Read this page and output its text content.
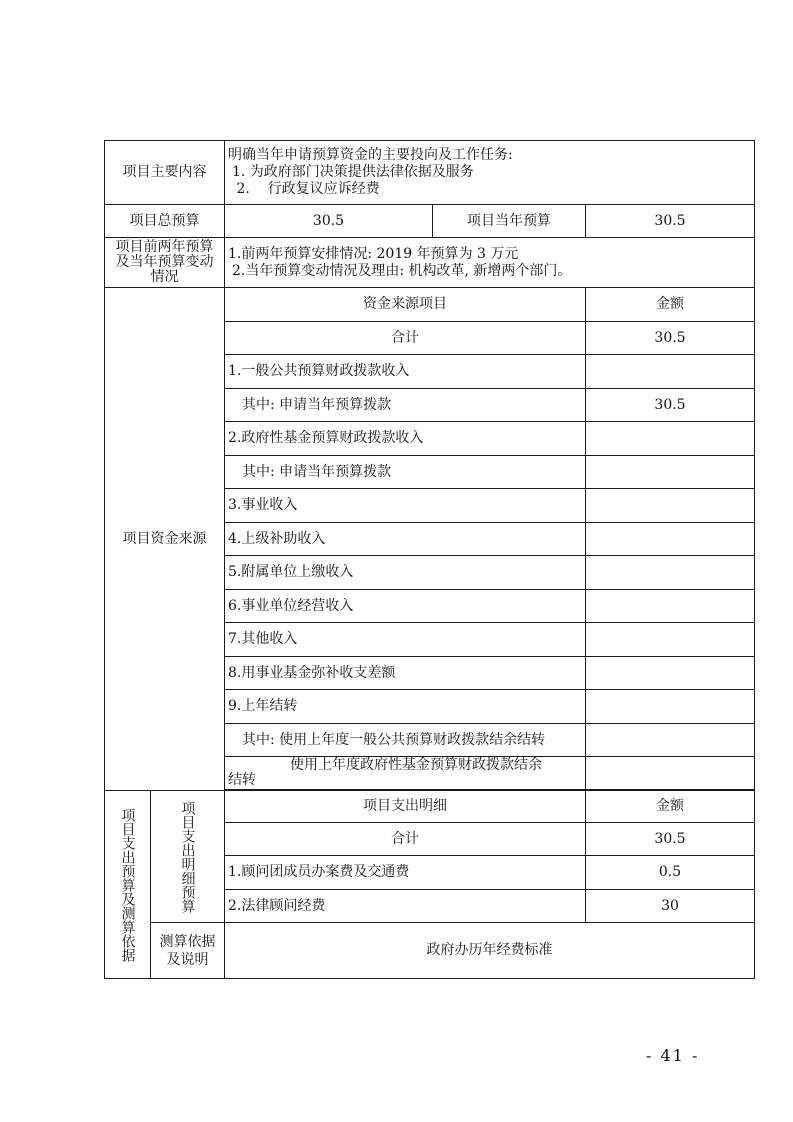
项目主要内容		明确当年申请预算资金的主要投向及工作任务:
1. 为政府部门决策提供法律依据及服务
2.    行政复议应诉经费		

项目总预算		30.5	项目当年预算	30.5

项目前两年预算
及当年预算变动
情况		1.前两年预算安排情况: 2019 年预算为 3 万元
2.当年预算变动情况及理由: 机构改革, 新增两个部门。		

项目资金来源		资金来源项目		金额
		合计		30.5
		1.一般公共预算财政拨款收入		
		其中: 申请当年预算拨款		30.5
		2.政府性基金预算财政拨款收入		
		其中: 申请当年预算拨款		
		3.事业收入		
		4.上级补助收入		
		5.附属单位上缴收入		
		6.事业单位经营收入		
		7.其他收入		
		8.用事业基金弥补收支差额		
		9.上年结转		
		其中: 使用上年度一般公共预算财政拨款结余结转		

		使用上年度政府性基金预算财政拨款结余
结转		

项目支出预算及测算依据	项目支出明细预算	项目支出明细		金额
		合计		30.5
		1.顾问团成员办案费及交通费		0.5
		2.法律顾问经费		30

	测算依据
及说明	政府办历年经费标准		
- 41 -
